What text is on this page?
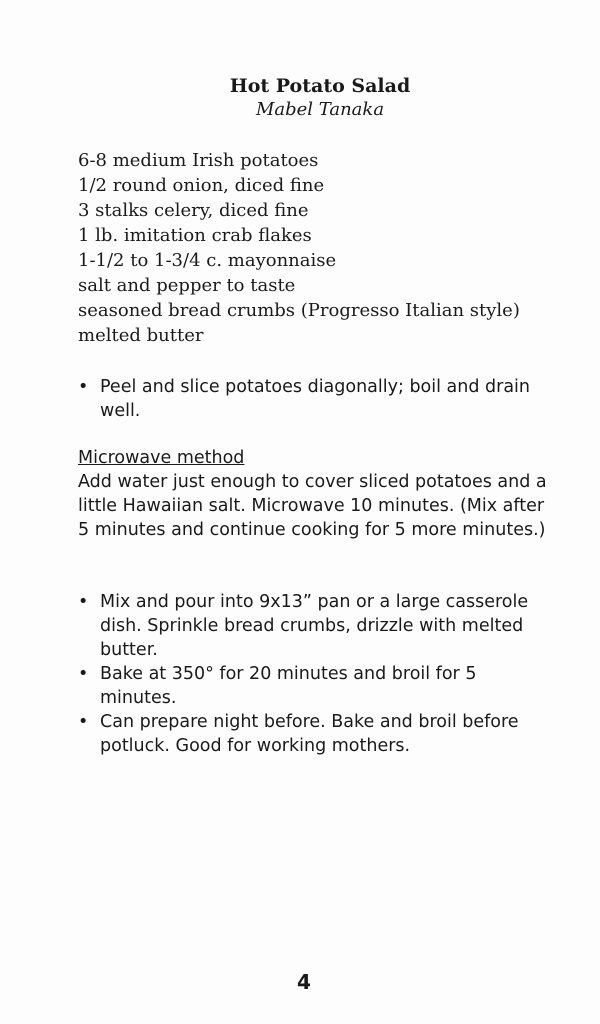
Hot Potato Salad
Mabel Tanaka
6-8 medium Irish potatoes
1/2 round onion, diced fine
3 stalks celery, diced fine
1 lb. imitation crab flakes
1-1/2 to 1-3/4 c. mayonnaise
salt and pepper to taste
seasoned bread crumbs (Progresso Italian style)
melted butter
• Peel and slice potatoes diagonally; boil and drain well.
Microwave method
Add water just enough to cover sliced potatoes and a little Hawaiian salt. Microwave 10 minutes. (Mix after 5 minutes and continue cooking for 5 more minutes.)
• Mix and pour into 9x13” pan or a large casserole dish. Sprinkle bread crumbs, drizzle with melted butter.
• Bake at 350° for 20 minutes and broil for 5 minutes.
• Can prepare night before. Bake and broil before potluck. Good for working mothers.
4
